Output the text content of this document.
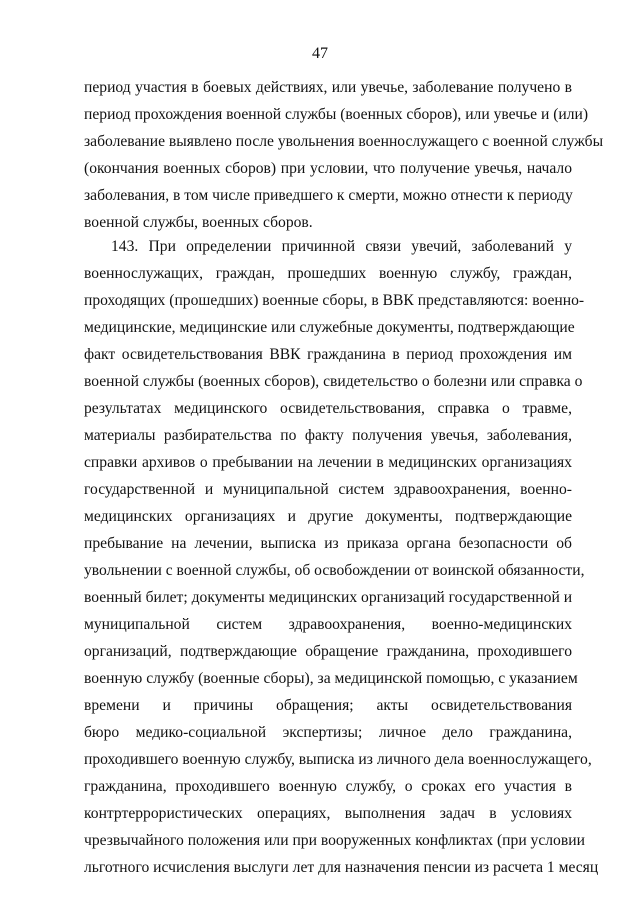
47
период участия в боевых действиях, или увечье, заболевание получено в
период прохождения военной службы (военных сборов), или увечье и (или)
заболевание выявлено после увольнения военнослужащего с военной службы
(окончания военных сборов) при условии, что получение увечья, начало
заболевания, в том числе приведшего к смерти, можно отнести к периоду
военной службы, военных сборов.
143. При определении причинной связи увечий, заболеваний у
военнослужащих, граждан, прошедших военную службу, граждан,
проходящих (прошедших) военные сборы, в ВВК представляются: военно-
медицинские, медицинские или служебные документы, подтверждающие
факт освидетельствования ВВК гражданина в период прохождения им
военной службы (военных сборов), свидетельство о болезни или справка о
результатах медицинского освидетельствования, справка о травме,
материалы разбирательства по факту получения увечья, заболевания,
справки архивов о пребывании на лечении в медицинских организациях
государственной и муниципальной систем здравоохранения, военно-
медицинских организациях и другие документы, подтверждающие
пребывание на лечении, выписка из приказа органа безопасности об
увольнении с военной службы, об освобождении от воинской обязанности,
военный билет; документы медицинских организаций государственной и
муниципальной систем здравоохранения, военно-медицинских
организаций, подтверждающие обращение гражданина, проходившего
военную службу (военные сборы), за медицинской помощью, с указанием
времени и причины обращения; акты освидетельствования
бюро медико-социальной экспертизы; личное дело гражданина,
проходившего военную службу, выписка из личного дела военнослужащего,
гражданина, проходившего военную службу, о сроках его участия в
контртеррористических операциях, выполнения задач в условиях
чрезвычайного положения или при вооруженных конфликтах (при условии
льготного исчисления выслуги лет для назначения пенсии из расчета 1 месяц
